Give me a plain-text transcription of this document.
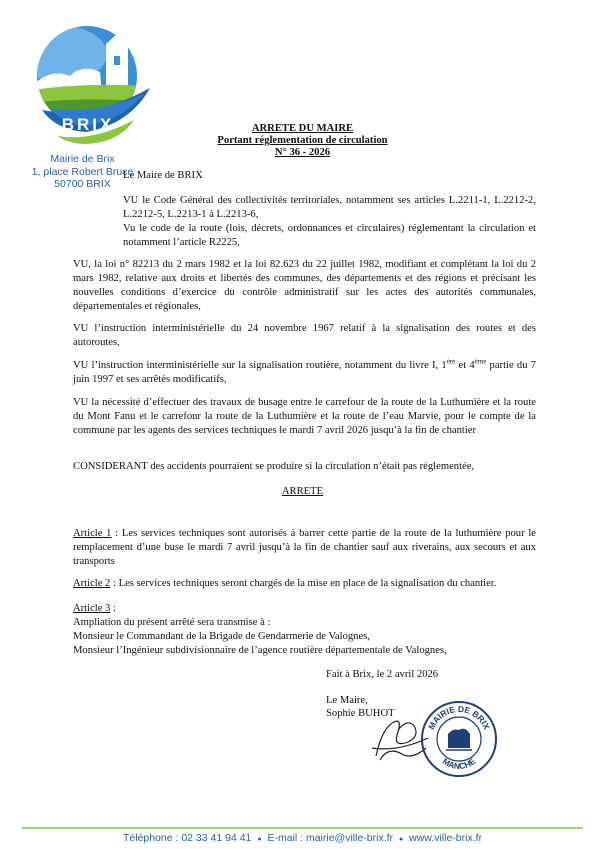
BRIX
Mairie de Brix
1, place Robert Bruce
50700 BRIX
ARRETE DU MAIRE
Portant réglementation de circulation
N° 36 - 2026
Le Maire de BRIX
VU le Code Général des collectivités territoriales, notamment ses articles L.2211-1, L.2212-2, L.2212-5, L.2213-1 à L.2213-6,
Vu le code de la route (lois, décrets, ordonnances et circulaires) réglementant la circulation et notamment l’article R2225,
VU, la loi n° 82213 du 2 mars 1982 et la loi 82.623 du 22 juillet 1982, modifiant et complétant la loi du 2 mars 1982, relative aux droits et libertés des communes, des départements et des régions et précisant les nouvelles conditions d’exercice du contrôle administratif sur les actes des autorités communales, départementales et régionales,
VU l’instruction interministérielle du 24 novembre 1967 relatif à la signalisation des routes et des autoroutes,
VU l’instruction interministérielle sur la signalisation routière, notamment du livre I, 1ère et 4ème partie du 7 juin 1997 et ses arrêtés modificatifs,
VU la nécessité d’effectuer des travaux de busage entre le carrefour de la route de la Luthumière et la route du Mont Fanu et le carrefour la route de la Luthumière et la route de l’eau Marvie, pour le compte de la commune par les agents des services techniques le mardi 7 avril 2026 jusqu’à la fin de chantier
CONSIDERANT des accidents pourraient se produire si la circulation n’était pas réglementée,
ARRETE
Article 1 : Les services techniques sont autorisés à barrer cette partie de la route de la luthumière pour le remplacement d’une buse le mardi 7 avril jusqu’à la fin de chantier sauf aux riverains, aux secours et aux transports
Article 2 : Les services techniques seront chargés de la mise en place de la signalisation du chantier.
Article 3 :
Ampliation du présent arrêté sera transmise à :
Monsieur le Commandant de la Brigade de Gendarmerie de Valognes,
Monsieur l’Ingénieur subdivisionnaire de l’agence routière départementale de Valognes,
Fait à Brix, le 2 avril 2026
Le Maire,
Sophie BUHOT
MAIRIE DE BRIX
MANCHE
Téléphone : 02 33 41 94 41 ● E-mail : mairie@ville-brix.fr ● www.ville-brix.fr
